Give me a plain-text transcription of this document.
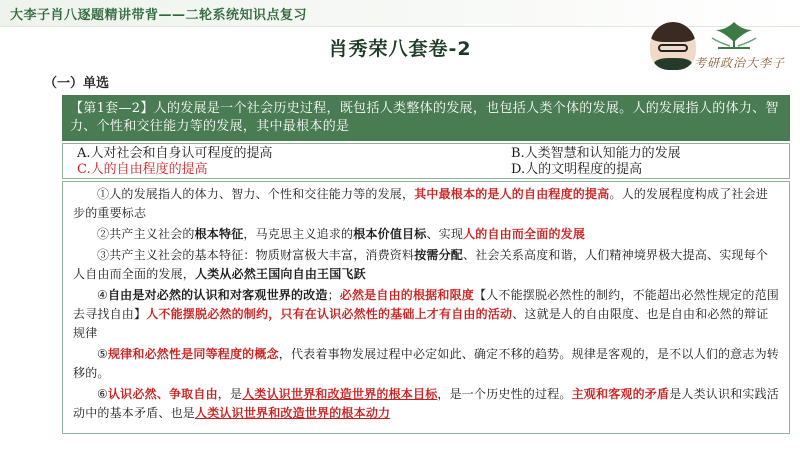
大李子肖八逐题精讲带背——二轮系统知识点复习
肖秀荣八套卷-2
考研政治大李子
（一）单选
【第1套—2】人的发展是一个社会历史过程，既包括人类整体的发展，也包括人类个体的发展。人的发展指人的体力、智力、个性和交往能力等的发展，其中最根本的是
A.人对社会和自身认可程度的提高	B.人类智慧和认知能力的发展
C.人的自由程度的提高	D.人的文明程度的提高

①人的发展指人的体力、智力、个性和交往能力等的发展，其中最根本的是人的自由程度的提高。人的发展程度构成了社会进步的重要标志

②共产主义社会的根本特征，马克思主义追求的根本价值目标、实现人的自由而全面的发展

③共产主义社会的基本特征：物质财富极大丰富，消费资料按需分配、社会关系高度和谐，人们精神境界极大提高、实现每个人自由而全面的发展，人类从必然王国向自由王国飞跃

④自由是对必然的认识和对客观世界的改造；必然是自由的根据和限度【人不能摆脱必然性的制约，不能超出必然性规定的范围去寻找自由】人不能摆脱必然的制约，只有在认识必然性的基础上才有自由的活动、这就是人的自由限度、也是自由和必然的辩证规律

⑤规律和必然性是同等程度的概念，代表着事物发展过程中必定如此、确定不移的趋势。规律是客观的，是不以人们的意志为转移的。

⑥认识必然、争取自由，是人类认识世界和改造世界的根本目标，是一个历史性的过程。主观和客观的矛盾是人类认识和实践活动中的基本矛盾、也是人类认识世界和改造世界的根本动力
